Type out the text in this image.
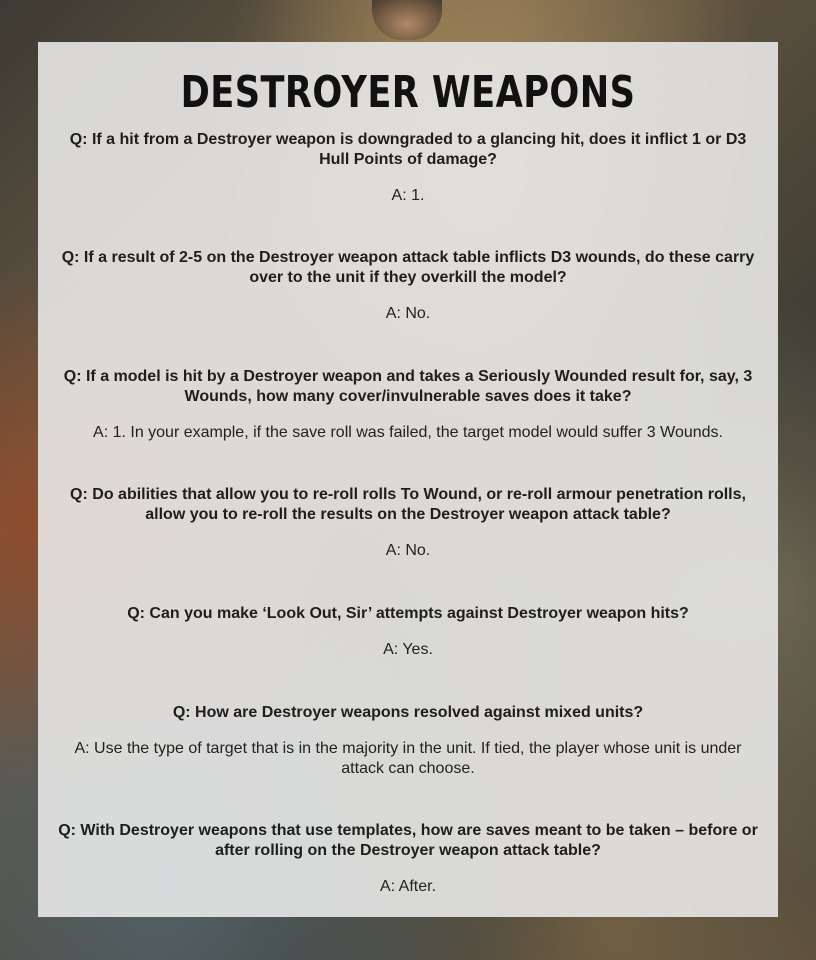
DESTROYER WEAPONS

Q: If a hit from a Destroyer weapon is downgraded to a glancing hit, does it inflict 1 or D3 Hull Points of damage?

A: 1.

Q: If a result of 2-5 on the Destroyer weapon attack table inflicts D3 wounds, do these carry over to the unit if they overkill the model?

A: No.

Q: If a model is hit by a Destroyer weapon and takes a Seriously Wounded result for, say, 3 Wounds, how many cover/invulnerable saves does it take?

A: 1. In your example, if the save roll was failed, the target model would suffer 3 Wounds.

Q: Do abilities that allow you to re-roll rolls To Wound, or re-roll armour penetration rolls, allow you to re-roll the results on the Destroyer weapon attack table?

A: No.

Q: Can you make ‘Look Out, Sir’ attempts against Destroyer weapon hits?

A: Yes.

Q: How are Destroyer weapons resolved against mixed units?

A: Use the type of target that is in the majority in the unit. If tied, the player whose unit is under attack can choose.

Q: With Destroyer weapons that use templates, how are saves meant to be taken – before or after rolling on the Destroyer weapon attack table?

A: After.
